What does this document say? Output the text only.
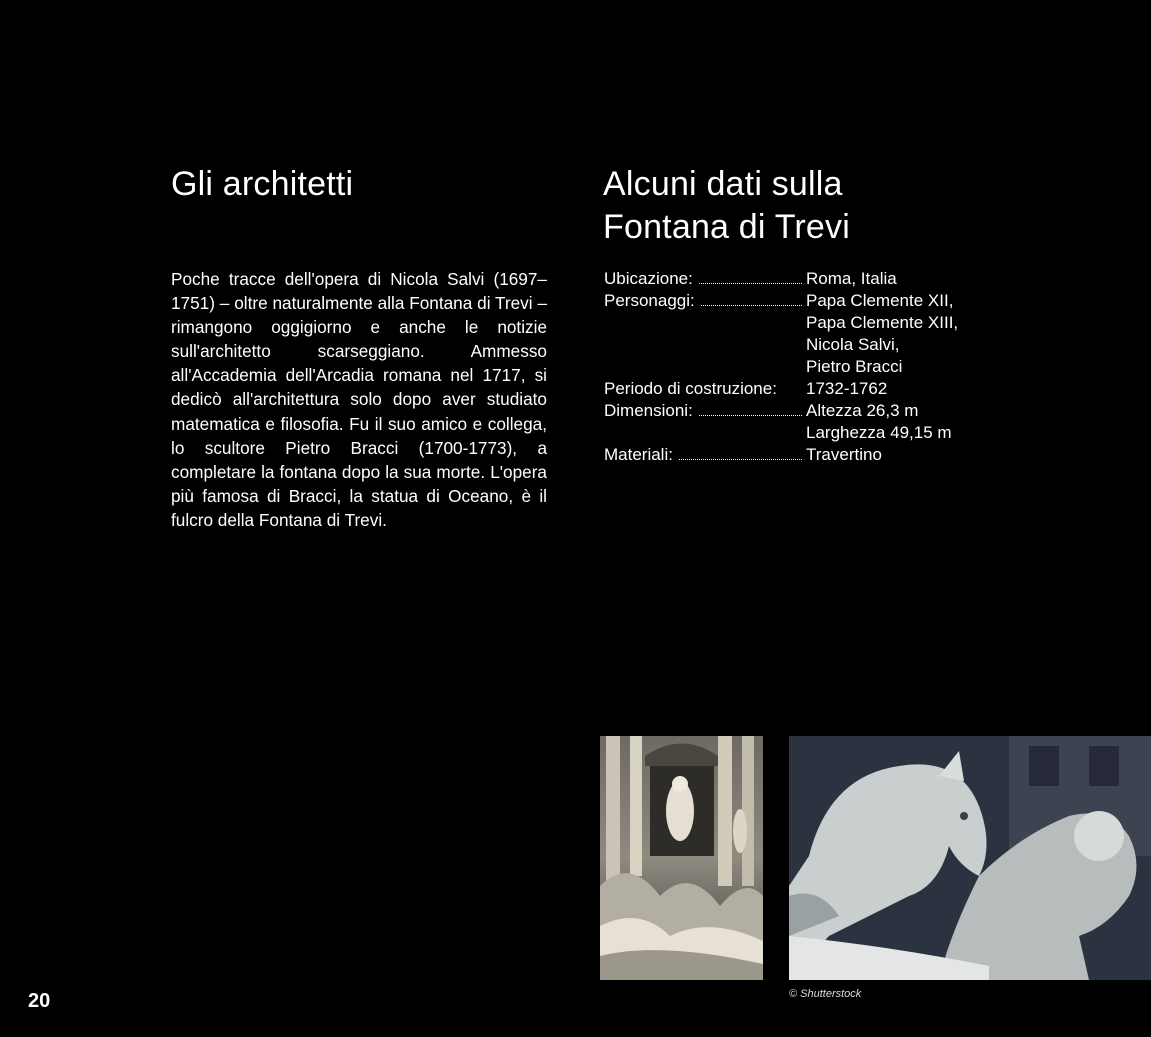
Gli architetti	Alcuni dati sulla
Fontana di Trevi

Poche tracce dell'opera di Nicola Salvi (1697–1751) – oltre naturalmente alla Fontana di Trevi – rimangono oggigiorno e anche le notizie sull'architetto scarseggiano. Ammesso all'Accademia dell'Arcadia romana nel 1717, si dedicò all'architettura solo dopo aver studiato matematica e filosofia. Fu il suo amico e collega, lo scultore Pietro Bracci (1700-1773), a completare la fontana dopo la sua morte. L'opera più famosa di Bracci, la statua di Oceano, è il fulcro della Fontana di Trevi.

Ubicazione:	Roma, Italia
Personaggi:	Papa Clemente XII,
Papa Clemente XIII,
Nicola Salvi,
Pietro Bracci
Periodo di costruzione: 1732-1762
Dimensioni:	Altezza 26,3 m
Larghezza 49,15 m
Materiali:	Travertino
© Shutterstock
20
